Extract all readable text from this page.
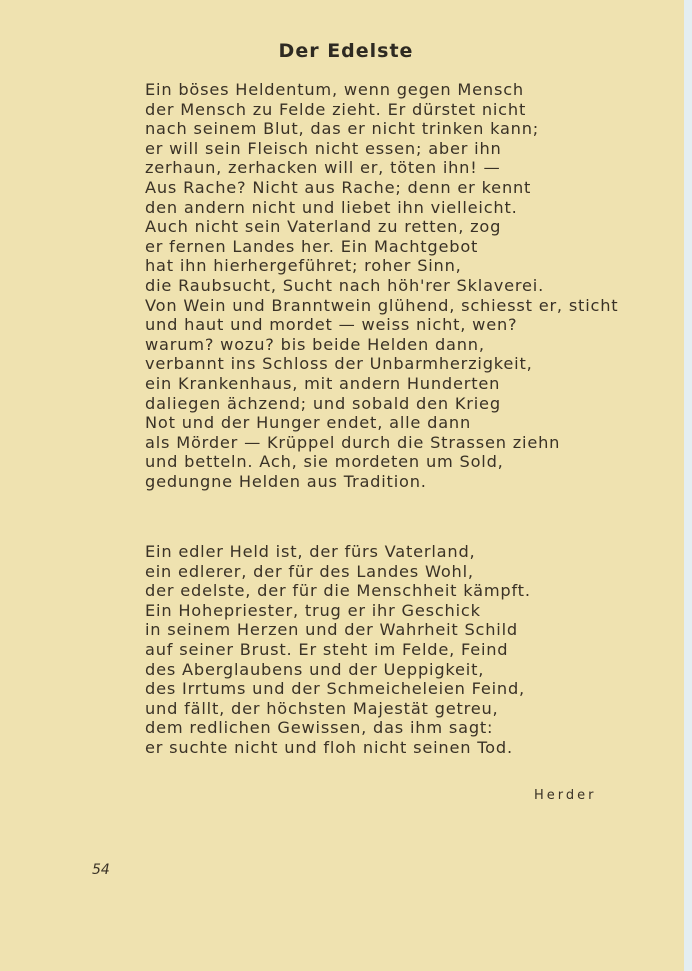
Der Edelste
Ein böses Heldentum, wenn gegen Mensch
der Mensch zu Felde zieht. Er dürstet nicht
nach seinem Blut, das er nicht trinken kann;
er will sein Fleisch nicht essen; aber ihn
zerhaun, zerhacken will er, töten ihn! —
Aus Rache? Nicht aus Rache; denn er kennt
den andern nicht und liebet ihn vielleicht.
Auch nicht sein Vaterland zu retten, zog
er fernen Landes her. Ein Machtgebot
hat ihn hierhergeführet; roher Sinn,
die Raubsucht, Sucht nach höh'rer Sklaverei.
Von Wein und Branntwein glühend, schiesst er, sticht
und haut und mordet — weiss nicht, wen?
warum? wozu? bis beide Helden dann,
verbannt ins Schloss der Unbarmherzigkeit,
ein Krankenhaus, mit andern Hunderten
daliegen ächzend; und sobald den Krieg
Not und der Hunger endet, alle dann
als Mörder — Krüppel durch die Strassen ziehn
und betteln. Ach, sie mordeten um Sold,
gedungne Helden aus Tradition.
Ein edler Held ist, der fürs Vaterland,
ein edlerer, der für des Landes Wohl,
der edelste, der für die Menschheit kämpft.
Ein Hohepriester, trug er ihr Geschick
in seinem Herzen und der Wahrheit Schild
auf seiner Brust. Er steht im Felde, Feind
des Aberglaubens und der Ueppigkeit,
des Irrtums und der Schmeicheleien Feind,
und fällt, der höchsten Majestät getreu,
dem redlichen Gewissen, das ihm sagt:
er suchte nicht und floh nicht seinen Tod.
Herder
54
